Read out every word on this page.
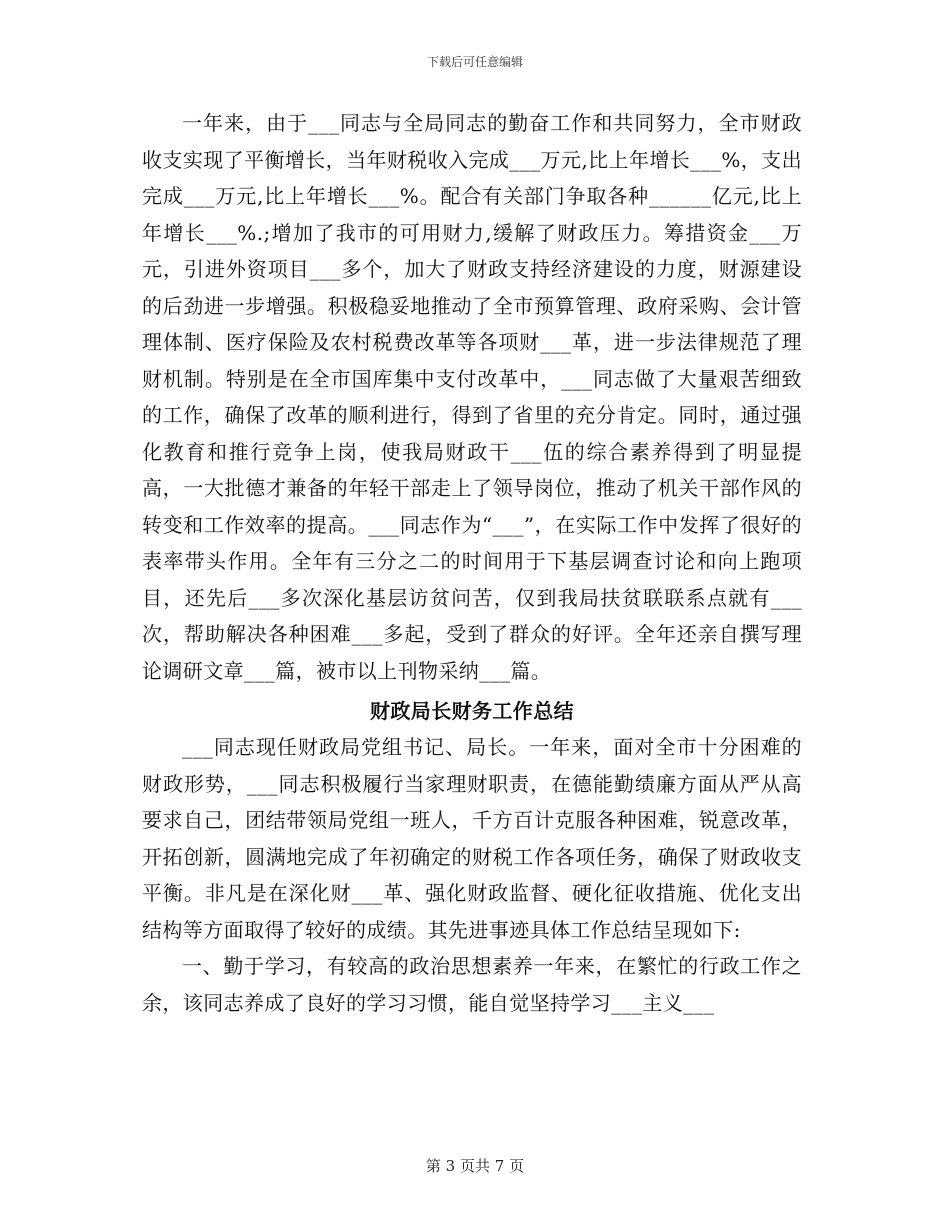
下载后可任意编辑

一年来，由于___同志与全局同志的勤奋工作和共同努力，全市财政收支实现了平衡增长，当年财税收入完成___万元,比上年增长___%，支出完成___万元,比上年增长___%。配合有关部门争取各种______亿元,比上年增长___%.;增加了我市的可用财力,缓解了财政压力。筹措资金___万元，引进外资项目___多个，加大了财政支持经济建设的力度，财源建设的后劲进一步增强。积极稳妥地推动了全市预算管理、政府采购、会计管理体制、医疗保险及农村税费改革等各项财___革，进一步法律规范了理财机制。特别是在全市国库集中支付改革中，___同志做了大量艰苦细致的工作，确保了改革的顺利进行，得到了省里的充分肯定。同时，通过强化教育和推行竞争上岗，使我局财政干___伍的综合素养得到了明显提高，一大批德才兼备的年轻干部走上了领导岗位，推动了机关干部作风的转变和工作效率的提高。___同志作为“___”，在实际工作中发挥了很好的表率带头作用。全年有三分之二的时间用于下基层调查讨论和向上跑项目，还先后___多次深化基层访贫问苦，仅到我局扶贫联联系点就有___次，帮助解决各种困难___多起，受到了群众的好评。全年还亲自撰写理论调研文章___篇，被市以上刊物采纳___篇。

财政局长财务工作总结

___同志现任财政局党组书记、局长。一年来，面对全市十分困难的财政形势，___同志积极履行当家理财职责，在德能勤绩廉方面从严从高要求自己，团结带领局党组一班人，千方百计克服各种困难，锐意改革，开拓创新，圆满地完成了年初确定的财税工作各项任务，确保了财政收支平衡。非凡是在深化财___革、强化财政监督、硬化征收措施、优化支出结构等方面取得了较好的成绩。其先进事迹具体工作总结呈现如下:

一、勤于学习，有较高的政治思想素养一年来，在繁忙的行政工作之余，该同志养成了良好的学习习惯，能自觉坚持学习___主义___

第 3 页共 7 页
